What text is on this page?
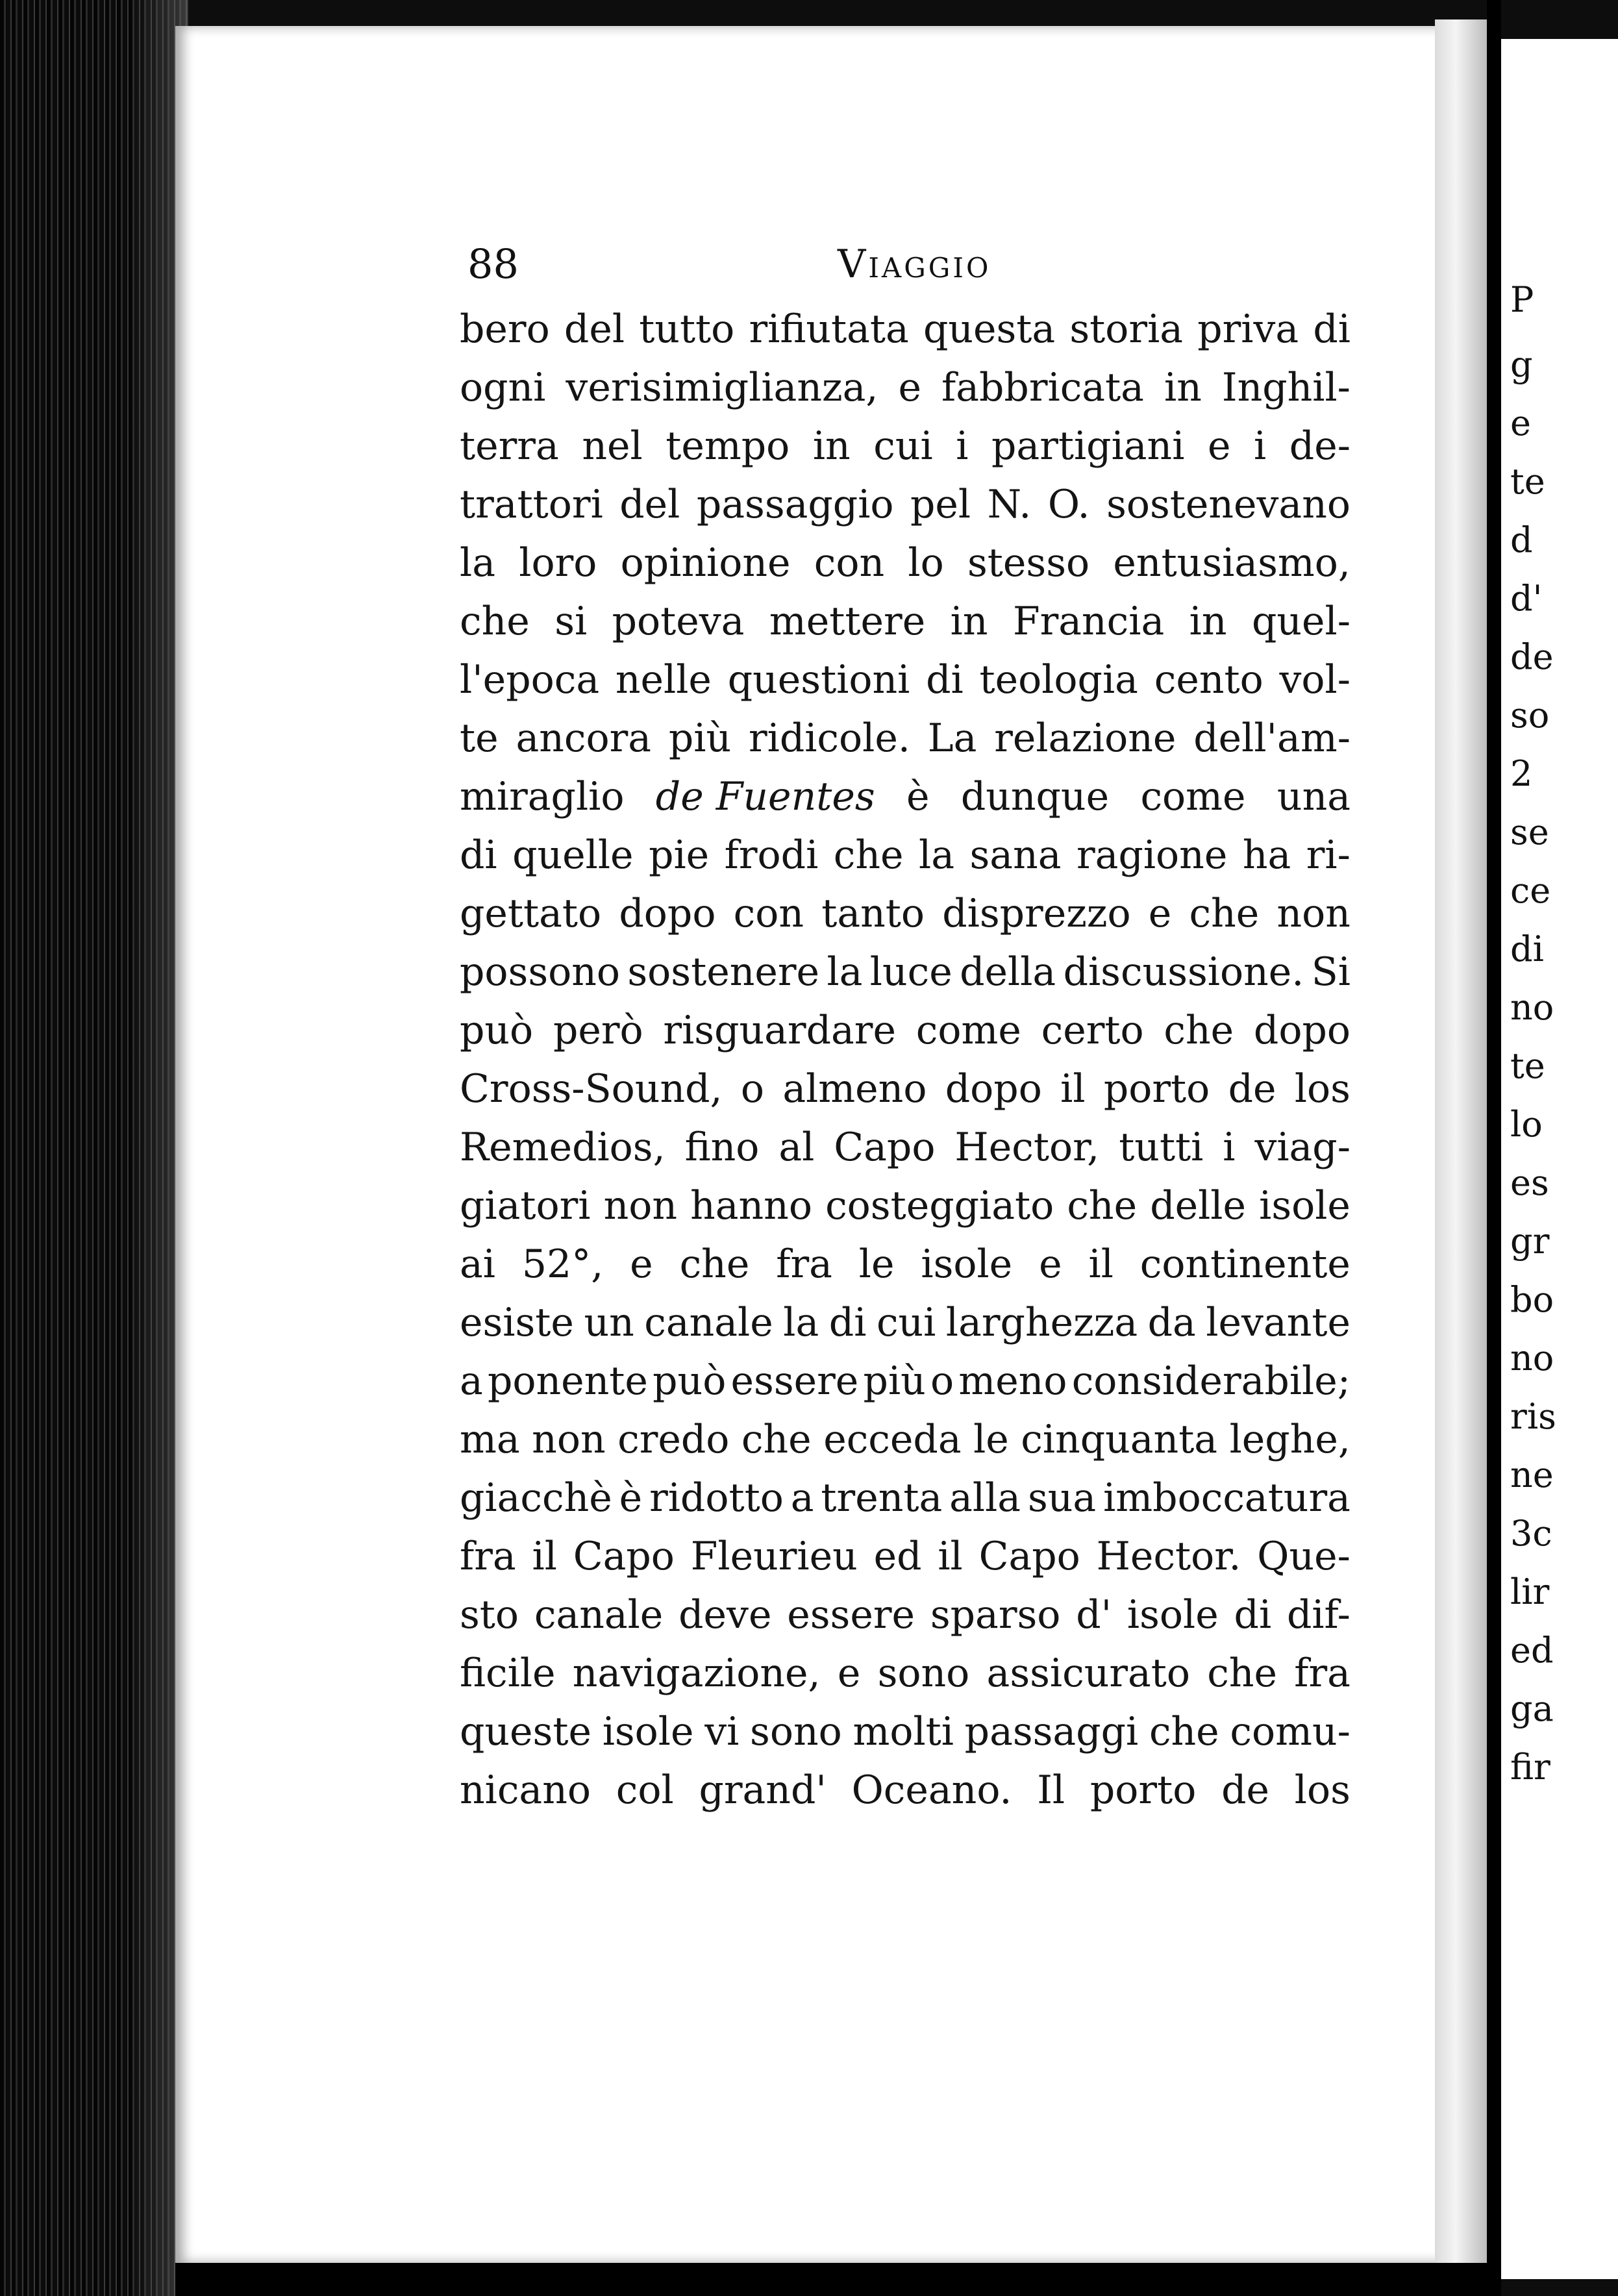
P
g
e
te
d
d'
de
so
2
se
ce
di
no
te
lo
es
gr
bo
no
ris
ne
3c
lir
ed
ga
fir
88	Viaggio
bero del tutto rifiutata questa storia priva di
ogni verisimiglianza, e fabbricata in Inghil-
terra nel tempo in cui i partigiani e i de-
trattori del passaggio pel N. O. sostenevano
la loro opinione con lo stesso entusiasmo,
che si poteva mettere in Francia in quel-
l'epoca nelle questioni di teologia cento vol-
te ancora più ridicole. La relazione dell'am-
miraglio de Fuentes è dunque come una
di quelle pie frodi che la sana ragione ha ri-
gettato dopo con tanto disprezzo e che non
possono sostenere la luce della discussione. Si
può però risguardare come certo che dopo
Cross-Sound, o almeno dopo il porto de los
Remedios, fino al Capo Hector, tutti i viag-
giatori non hanno costeggiato che delle isole
ai 52°, e che fra le isole e il continente
esiste un canale la di cui larghezza da levante
a ponente può essere più o meno considerabile;
ma non credo che ecceda le cinquanta leghe,
giacchè è ridotto a trenta alla sua imboccatura
fra il Capo Fleurieu ed il Capo Hector. Que-
sto canale deve essere sparso d' isole di dif-
ficile navigazione, e sono assicurato che fra
queste isole vi sono molti passaggi che comu-
nicano col grand' Oceano. Il porto de los
